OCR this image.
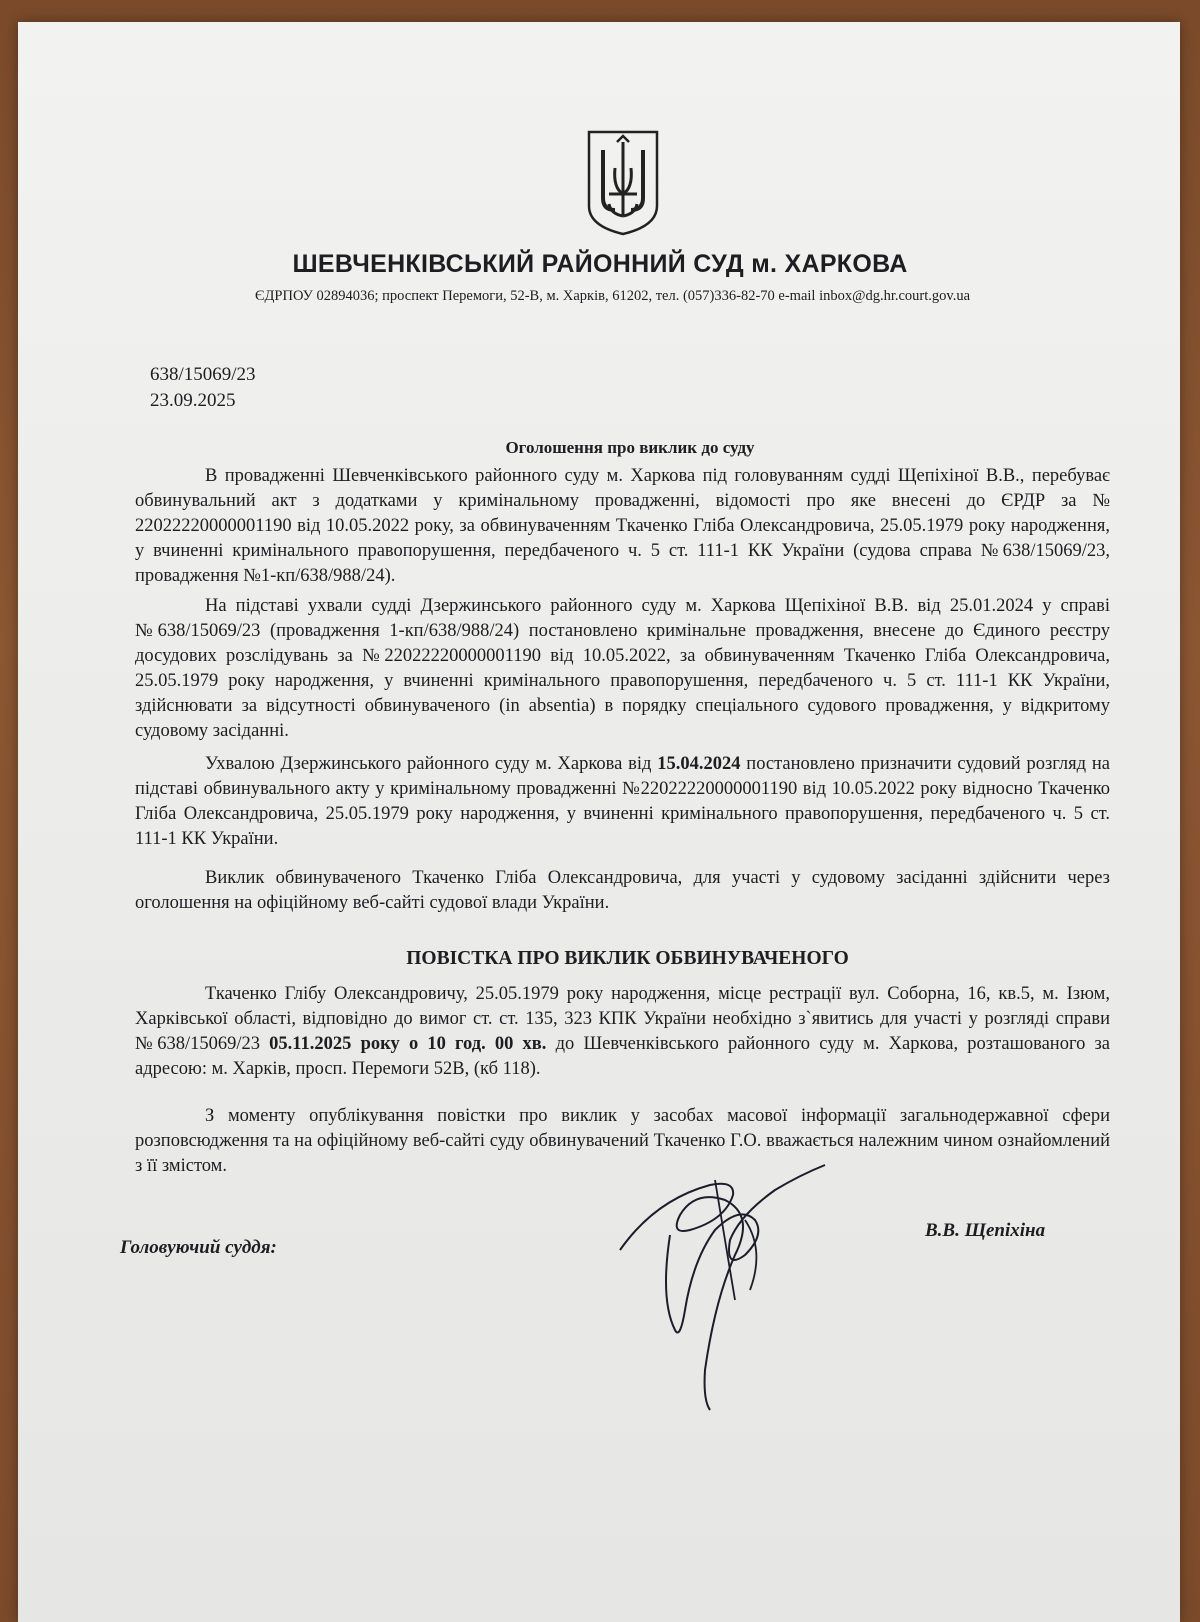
ШЕВЧЕНКІВСЬКИЙ РАЙОННИЙ СУД м. ХАРКОВА

ЄДРПОУ 02894036; проспект Перемоги, 52-В, м. Харків, 61202, тел. (057)336-82-70 e-mail inbox@dg.hr.court.gov.ua

638/15069/23
23.09.2025
Оголошення про виклик до суду

В провадженні Шевченківського районного суду м. Харкова під головуванням судді Щепіхіної В.В., перебуває обвинувальний акт з додатками у кримінальному провадженні, відомості про яке внесені до ЄРДР за № 22022220000001190 від 10.05.2022 року, за обвинуваченням Ткаченко Гліба Олександровича, 25.05.1979 року народження, у вчиненні кримінального правопорушення, передбаченого ч. 5 ст. 111-1 КК України (судова справа №638/15069/23, провадження №1-кп/638/988/24).

На підставі ухвали судді Дзержинського районного суду м. Харкова Щепіхіної В.В. від 25.01.2024 у справі №638/15069/23 (провадження 1-кп/638/988/24) постановлено кримінальне провадження, внесене до Єдиного реєстру досудових розслідувань за №22022220000001190 від 10.05.2022, за обвинуваченням Ткаченко Гліба Олександровича, 25.05.1979 року народження, у вчиненні кримінального правопорушення, передбаченого ч. 5 ст. 111-1 КК України, здійснювати за відсутності обвинуваченого (in absentia) в порядку спеціального судового провадження, у відкритому судовому засіданні.

Ухвалою Дзержинського районного суду м. Харкова від 15.04.2024 постановлено призначити судовий розгляд на підставі обвинувального акту у кримінальному провадженні №22022220000001190 від 10.05.2022 року відносно Ткаченко Гліба Олександровича, 25.05.1979 року народження, у вчиненні кримінального правопорушення, передбаченого ч. 5 ст. 111-1 КК України.

Виклик обвинуваченого Ткаченко Гліба Олександровича, для участі у судовому засіданні здійснити через оголошення на офіційному веб-сайті судової влади України.

ПОВІСТКА ПРО ВИКЛИК ОБВИНУВАЧЕНОГО

Ткаченко Глібу Олександровичу, 25.05.1979 року народження, місце рестрації вул. Соборна, 16, кв.5, м. Ізюм, Харківської області, відповідно до вимог ст. ст. 135, 323 КПК України необхідно з`явитись для участі у розгляді справи №638/15069/23 05.11.2025 року о 10 год. 00 хв. до Шевченківського районного суду м. Харкова, розташованого за адресою: м. Харків, просп. Перемоги 52В, (кб 118).

З моменту опублікування повістки про виклик у засобах масової інформації загальнодержавної сфери розповсюдження та на офіційному веб-сайті суду обвинувачений Ткаченко Г.О. вважається належним чином ознайомлений з її змістом.

Головуючий суддя:
В.В. Щепіхіна
